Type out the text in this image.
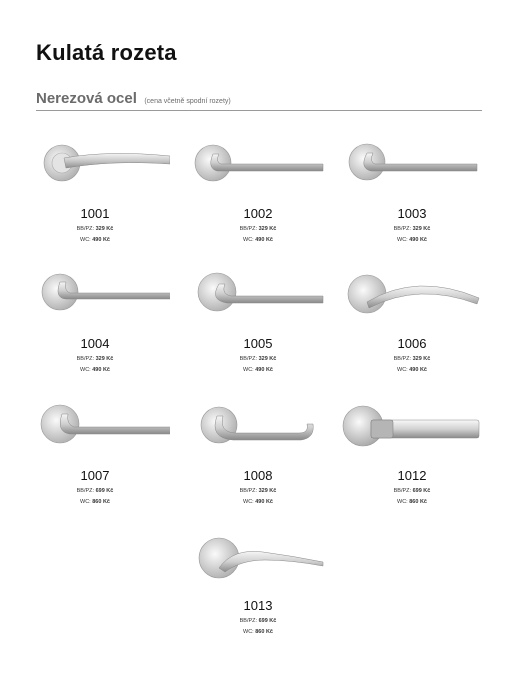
Kulatá rozeta
Nerezová ocel (cena včetně spodní rozety)
1001
BB/PZ: 329 Kč
WC: 490 Kč
1002
BB/PZ: 329 Kč
WC: 490 Kč
1003
BB/PZ: 329 Kč
WC: 490 Kč
1004
BB/PZ: 329 Kč
WC: 490 Kč
1005
BB/PZ: 329 Kč
WC: 490 Kč
1006
BB/PZ: 329 Kč
WC: 490 Kč
1007
BB/PZ: 699 Kč
WC: 860 Kč
1008
BB/PZ: 329 Kč
WC: 490 Kč
1012
BB/PZ: 699 Kč
WC: 860 Kč
1013
BB/PZ: 699 Kč
WC: 860 Kč
